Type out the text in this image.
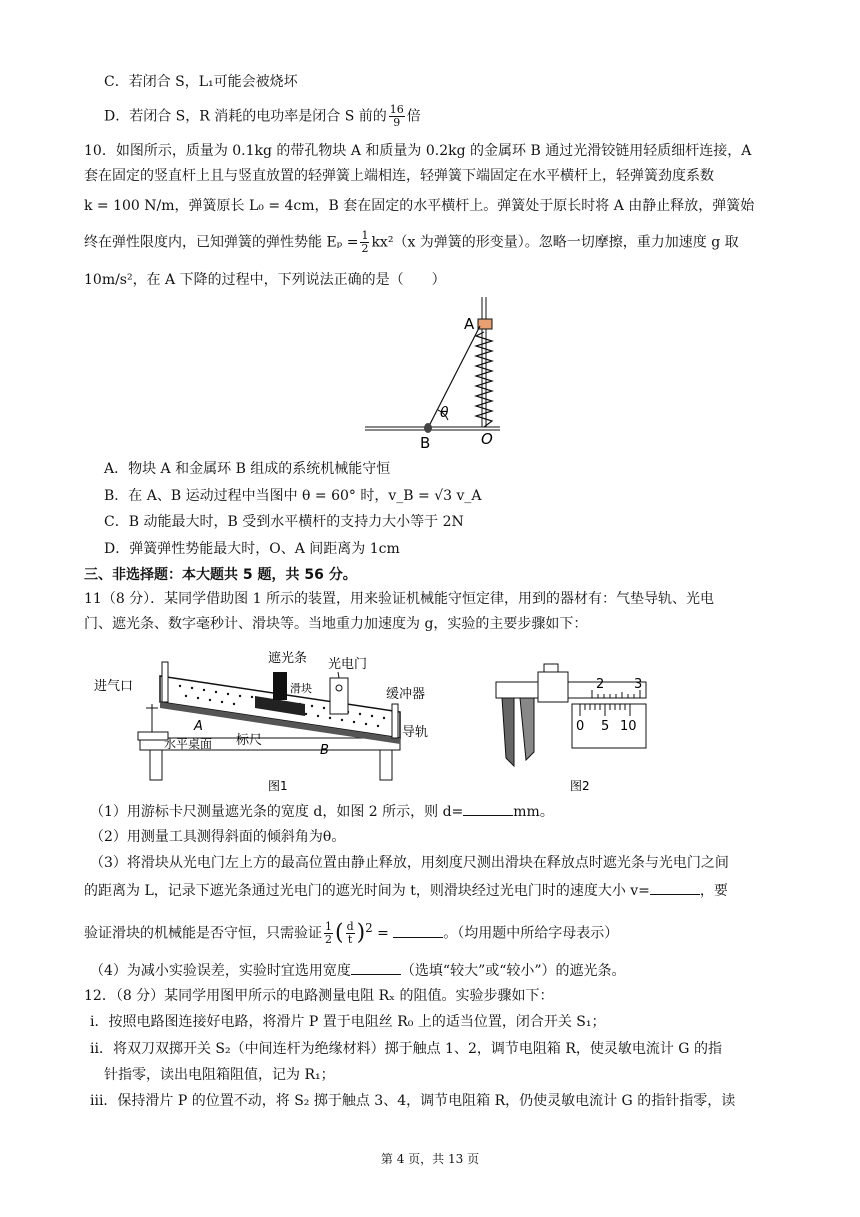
C．若闭合 S，L₁可能会被烧坏
D．若闭合 S，R 消耗的电功率是闭合 S 前的 $\frac{16}{9}$ 倍
10．如图所示，质量为 0.1kg 的带孔物块 A 和质量为 0.2kg 的金属环 B 通过光滑铰链用轻质细杆连接，A
套在固定的竖直杆上且与竖直放置的轻弹簧上端相连，轻弹簧下端固定在水平横杆上，轻弹簧劲度系数
k = 100 N/m，弹簧原长 L₀ = 4cm，B 套在固定的水平横杆上。弹簧处于原长时将 A 由静止释放，弹簧始
终在弹性限度内，已知弹簧的弹性势能 $E_p = \frac{1}{2} kx^2(x$ 为弹簧的形变量）。忽略一切摩擦，重力加速度 g 取
10m/s²，在 A 下降的过程中，下列说法正确的是（　　）
A
B	O
θ
A．物块 A 和金属环 B 组成的系统机械能守恒
B．在 A、B 运动过程中当图中 θ = 60° 时，v_B = √3 v_A
C．B 动能最大时，B 受到水平横杆的支持力大小等于 2N
D．弹簧弹性势能最大时，O、A 间距离为 1cm
三、非选择题：本大题共 5 题，共 56 分。
11（8 分）．某同学借助图 1 所示的装置，用来验证机械能守恒定律，用到的器材有：气垫导轨、光电
门、遮光条、数字毫秒计、滑块等。当地重力加速度为 g，实验的主要步骤如下：
遮光条 光电门
进气口	滑块	缓冲器
A
B
水平桌面 标尺
导轨
图1
2 3
0 5 10
图2
（1）用游标卡尺测量遮光条的宽度 d，如图 2 所示，则 d=	mm。
（2）用测量工具测得斜面的倾斜角为θ。
（3）将滑块从光电门左上方的最高位置由静止释放，用刻度尺测出滑块在释放点时遮光条与光电门之间
的距离为 L，记录下遮光条通过光电门的遮光时间为 t，则滑块经过光电门时的速度大小 v=	，要
验证滑块的机械能是否守恒，只需验证 $\frac{1}{2}$ ( $\frac{d}{t} )^2$ =	。（均用题中所给字母表示）
（4）为减小实验误差，实验时宜选用宽度	（选填“较大”或“较小”）的遮光条。
12．（8 分）某同学用图甲所示的电路测量电阻 Rₓ 的阻值。实验步骤如下：
i．按照电路图连接好电路，将滑片 P 置于电阻丝 R₀ 上的适当位置，闭合开关 S₁；
ii．将双刀双掷开关 S₂（中间连杆为绝缘材料）掷于触点 1、2，调节电阻箱 R，使灵敏电流计 G 的指
针指零，读出电阻箱阻值，记为 R₁；
iii．保持滑片 P 的位置不动，将 S₂ 掷于触点 3、4，调节电阻箱 R，仍使灵敏电流计 G 的指针指零，读
第 4 页，共 13 页
